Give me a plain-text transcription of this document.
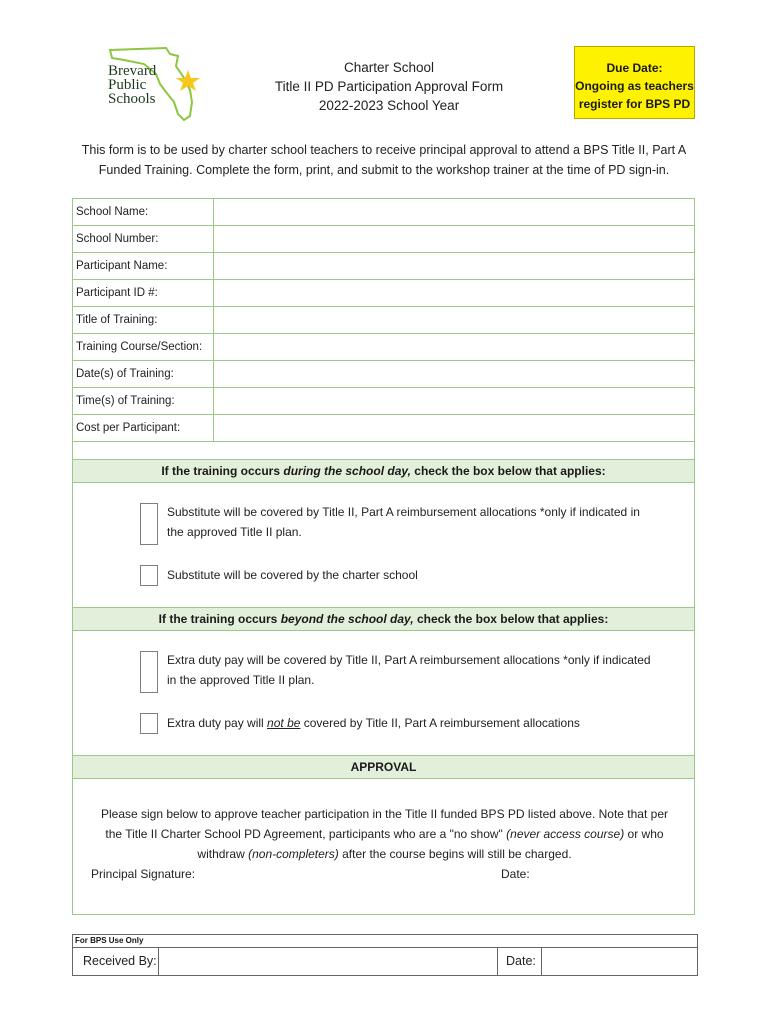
Brevard
Public
Schools
Charter School
Title II PD Participation Approval Form
2022-2023 School Year
Due Date:
Ongoing as teachers
register for BPS PD
This form is to be used by charter school teachers to receive principal approval to attend a BPS Title II, Part A Funded Training. Complete the form, print, and submit to the workshop trainer at the time of PD sign-in.
School Name:
School Number:
Participant Name:
Participant ID #:
Title of Training:
Training Course/Section:
Date(s) of Training:
Time(s) of Training:
Cost per Participant:
If the training occurs during the school day, check the box below that applies:
Substitute will be covered by Title II, Part A reimbursement allocations *only if indicated in
the approved Title II plan.
Substitute will be covered by the charter school
If the training occurs beyond the school day, check the box below that applies:
Extra duty pay will be covered by Title II, Part A reimbursement allocations *only if indicated
in the approved Title II plan.
Extra duty pay will not be covered by Title II, Part A reimbursement allocations
APPROVAL
Please sign below to approve teacher participation in the Title II funded BPS PD listed above. Note that per
the Title II Charter School PD Agreement, participants who are a "no show" (never access course) or who
withdraw (non-completers) after the course begins will still be charged.
Principal Signature:	Date:
For BPS Use Only
Received By:	Date:
